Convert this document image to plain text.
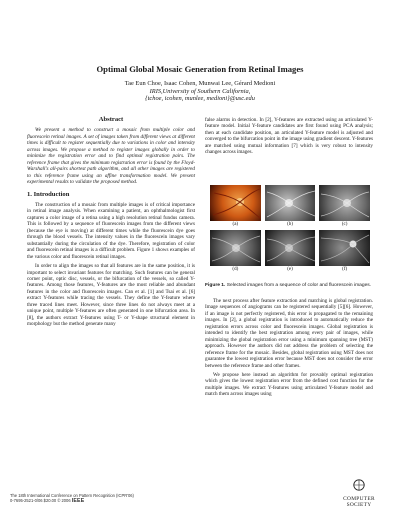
Optimal Global Mosaic Generation from Retinal Images
Tae Eun Choe, Isaac Cohen, Munwai Lee, Gérard Medioni
IRIS,University of Southern California,
{tchoe, icohen, munlee, medioni}@usc.edu
Abstract
We present a method to construct a mosaic from multiple color and fluorescein retinal images. A set of images taken from different views at different times is difficult to register sequentially due to variations in color and intensity across images. We propose a method to register images globally in order to minimize the registration error and to find optimal registration pairs. The reference frame that gives the minimum registration error is found by the Floyd-Warshall's all-pairs shortest path algorithm, and all other images are registered to this reference frame using an affine transformation model. We present experimental results to validate the proposed method.
1. Introduction

The construction of a mosaic from multiple images is of critical importance in retinal image analysis. When examining a patient, an ophthalmologist first captures a color image of a retina using a high resolution retinal fundus camera. This is followed by a sequence of fluorescein images from the different views (because the eye is moving) at different times while the fluorescein dye goes through the blood vessels. The intensity values in the fluorescein images vary substantially during the circulation of the dye. Therefore, registration of color and fluorescein retinal images is a difficult problem. Figure 1 shows examples of the various color and fluorescein retinal images.

In order to align the images so that all features are in the same position, it is important to select invariant features for matching. Such features can be general corner point, optic disc, vessels, or the bifurcation of the vessels, so called Y-features. Among those features, Y-features are the most reliable and abundant features in the color and fluorescein images. Can et al. [1] and Tsai et al. [6] extract Y-features while tracing the vessels. They define the Y-feature where three traced lines meet. However, since three lines do not always meet at a unique point, multiple Y-features are often generated in one bifurcation area. In [8], the authors extract Y-features using T- or Y-shape structural element in morphology but the method generate many

false alarms in detection. In [2], Y-features are extracted using an articulated Y-feature model. Initial Y-feature candidates are first found using PCA analysis; then at each candidate position, an articulated Y-feature model is adjusted and converged to the bifurcation point in the image using gradient descent. Y-features are matched using mutual information [7] which is very robust to intensity changes across images.

(a)	(b)	(c)
(d)	(e)	(f)
Figure 1. Selected images from a sequence of color and fluorescein images.

The next process after feature extraction and matching is global registration. Image sequences of angiograms can be registered sequentially [5][6]. However, if an image is not perfectly registered, this error is propagated to the remaining images. In [2], a global registration is introduced to automatically reduce the registration errors across color and fluorescein images. Global registration is intended to identify the best registration among every pair of images, while minimizing the global registration error using a minimum spanning tree (MST) approach. However the authors did not address the problem of selecting the reference frame for the mosaic. Besides, global registration using MST does not guarantee the lowest registration error because MST does not consider the error between the reference frame and other frames.

We propose here instead an algorithm for provably optimal registration which gives the lowest registration error from the defined cost function for the multiple images. We extract Y-features using articulated Y-feature model and match them across images using

The 18th International Conference on Pattern Recognition (ICPR'06)
0-7695-2521-0/06 $20.00 © 2006 IEEE	COMPUTER
SOCIETY
